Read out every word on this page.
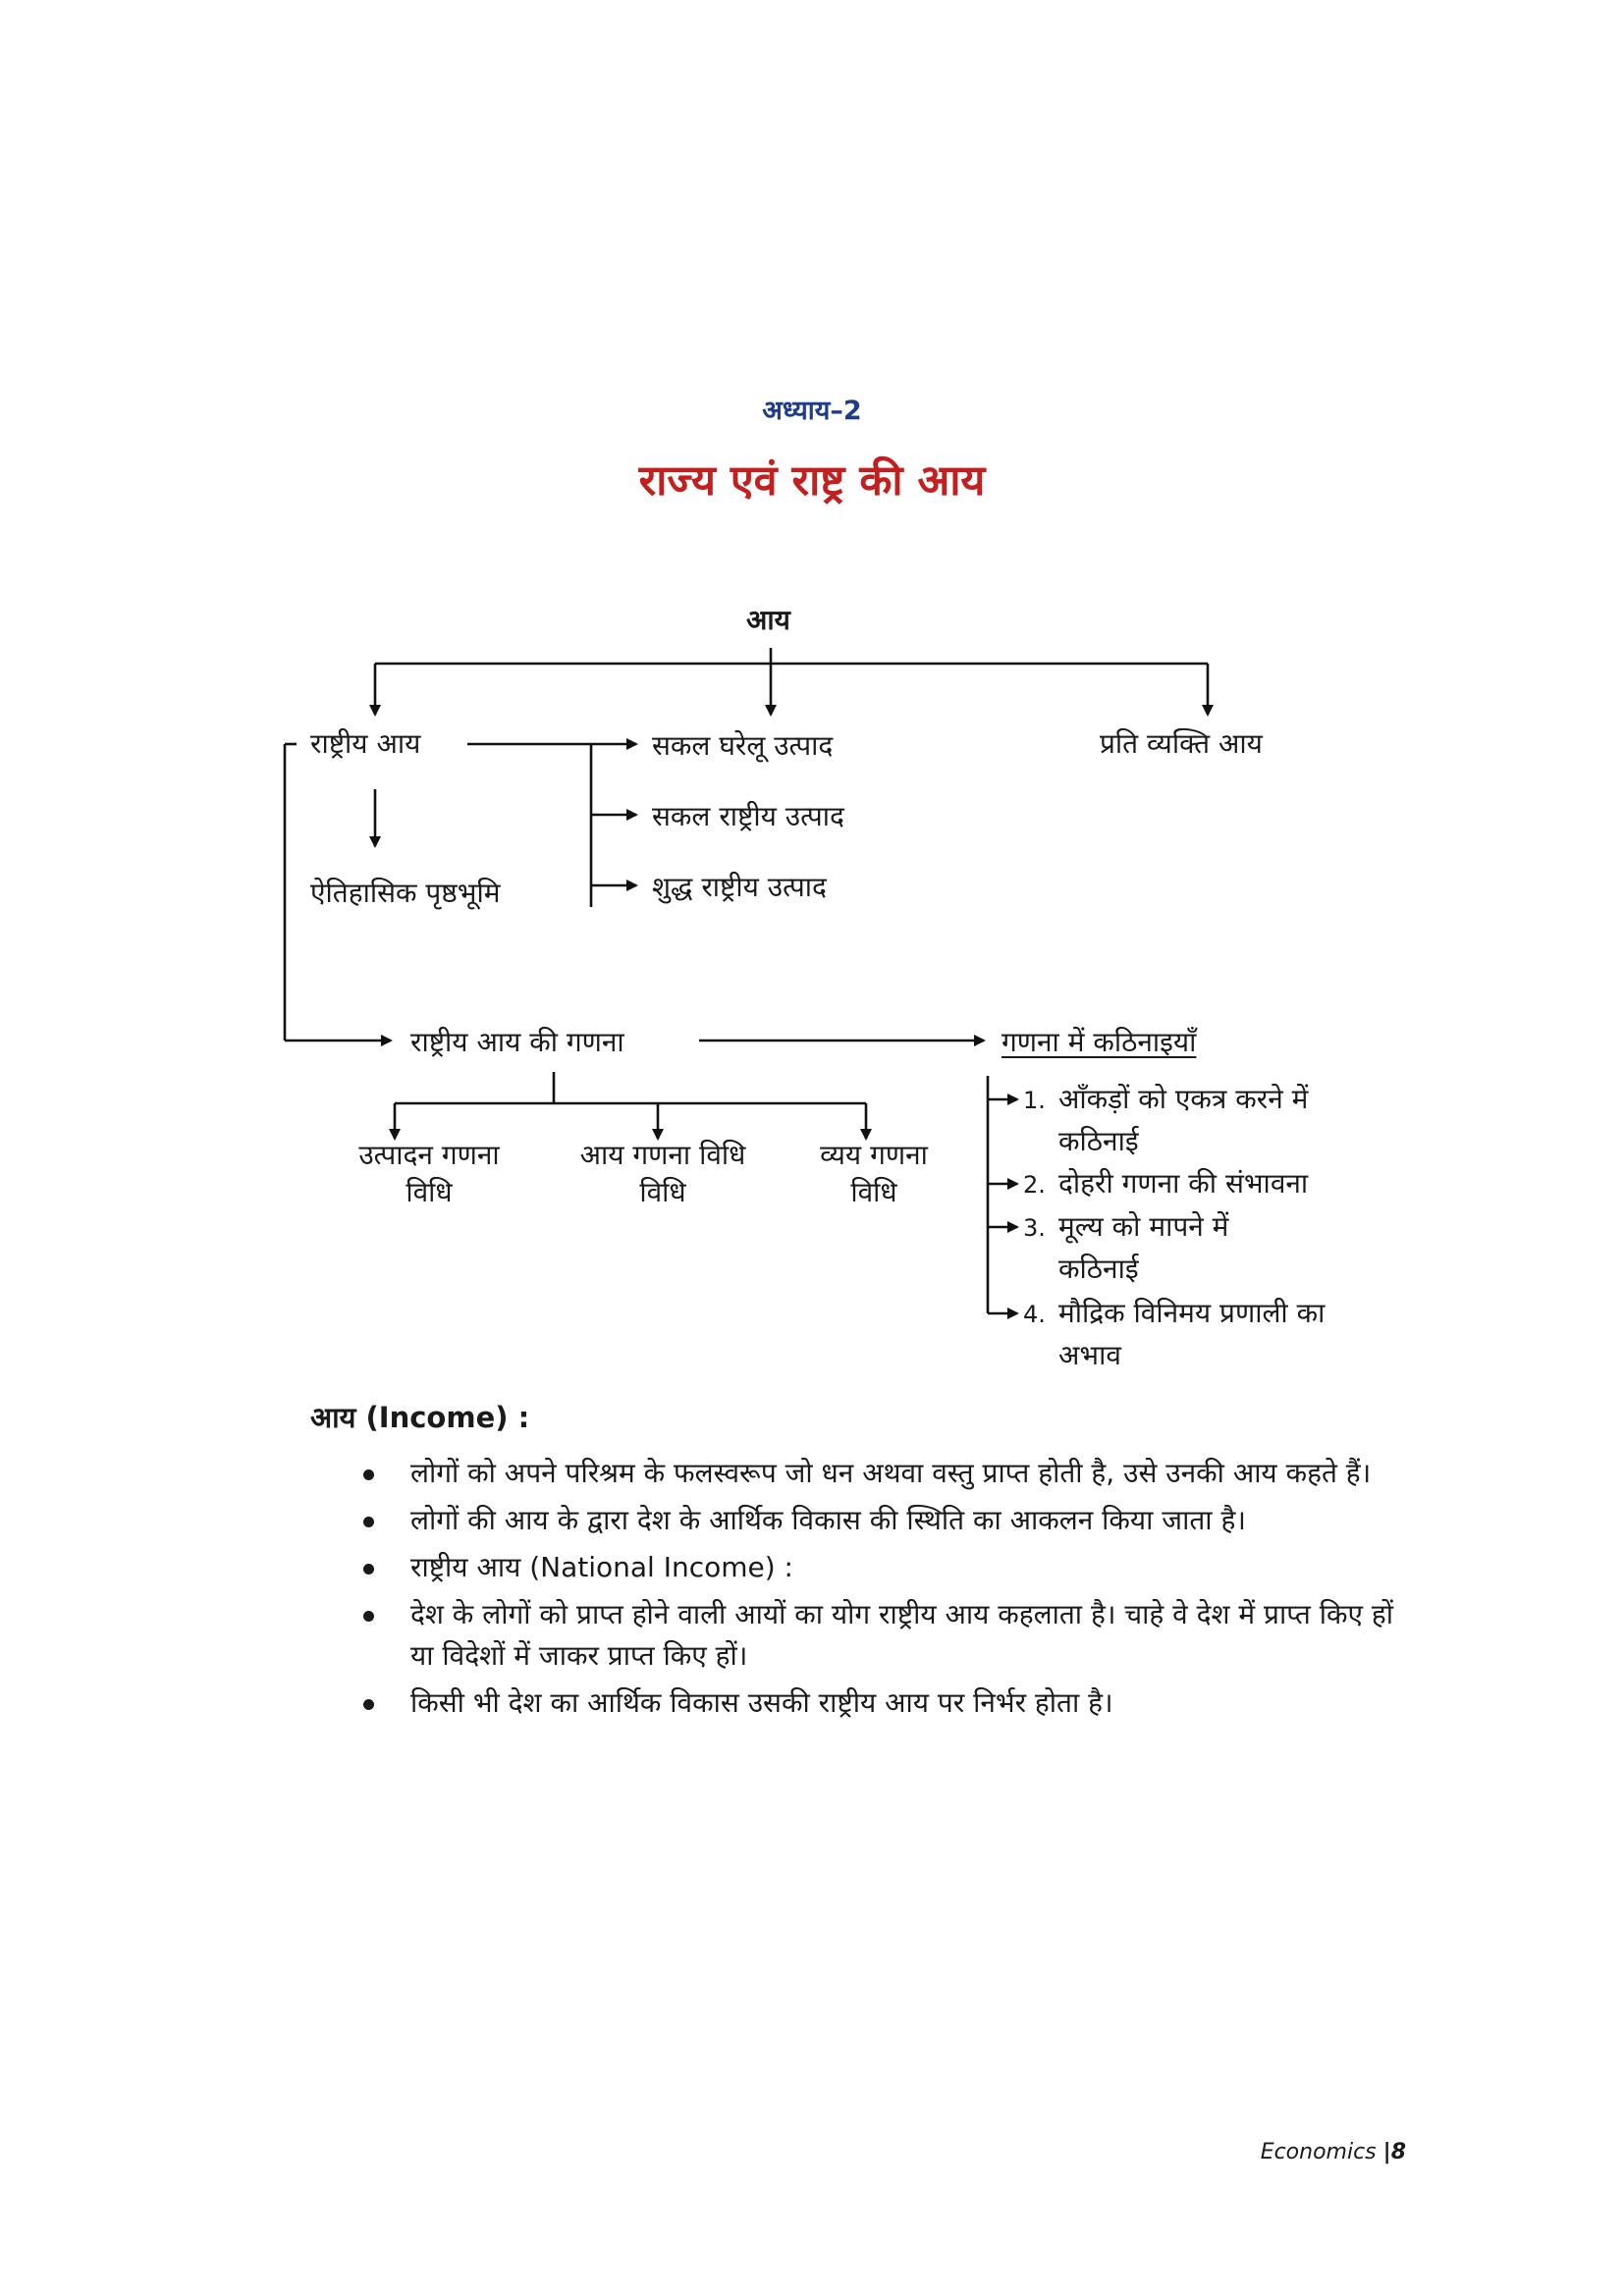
अध्याय–2
राज्य एवं राष्ट्र की आय
आय
राष्ट्रीय आय	प्रति व्यक्ति आय
ऐतिहासिक पृष्ठभूमि
सकल घरेलू उत्पाद
सकल राष्ट्रीय उत्पाद
शुद्ध राष्ट्रीय उत्पाद
राष्ट्रीय आय की गणना	गणना में कठिनाइयाँ
उत्पादन गणना
विधि
आय गणना विधि
विधि
व्यय गणना
विधि
1. आँकड़ों को एकत्र करने में कठिनाई
2. दोहरी गणना की संभावना
3. मूल्य को मापने में कठिनाई
4. मौद्रिक विनिमय प्रणाली का अभाव
आय (Income) :
लोगों को अपने परिश्रम के फलस्वरूप जो धन अथवा वस्तु प्राप्त होती है, उसे उनकी आय कहते हैं।
लोगों की आय के द्वारा देश के आर्थिक विकास की स्थिति का आकलन किया जाता है।
राष्ट्रीय आय (National Income) :
देश के लोगों को प्राप्त होने वाली आयों का योग राष्ट्रीय आय कहलाता है। चाहे वे देश में प्राप्त किए हों या विदेशों में जाकर प्राप्त किए हों।
किसी भी देश का आर्थिक विकास उसकी राष्ट्रीय आय पर निर्भर होता है।
Economics |8
